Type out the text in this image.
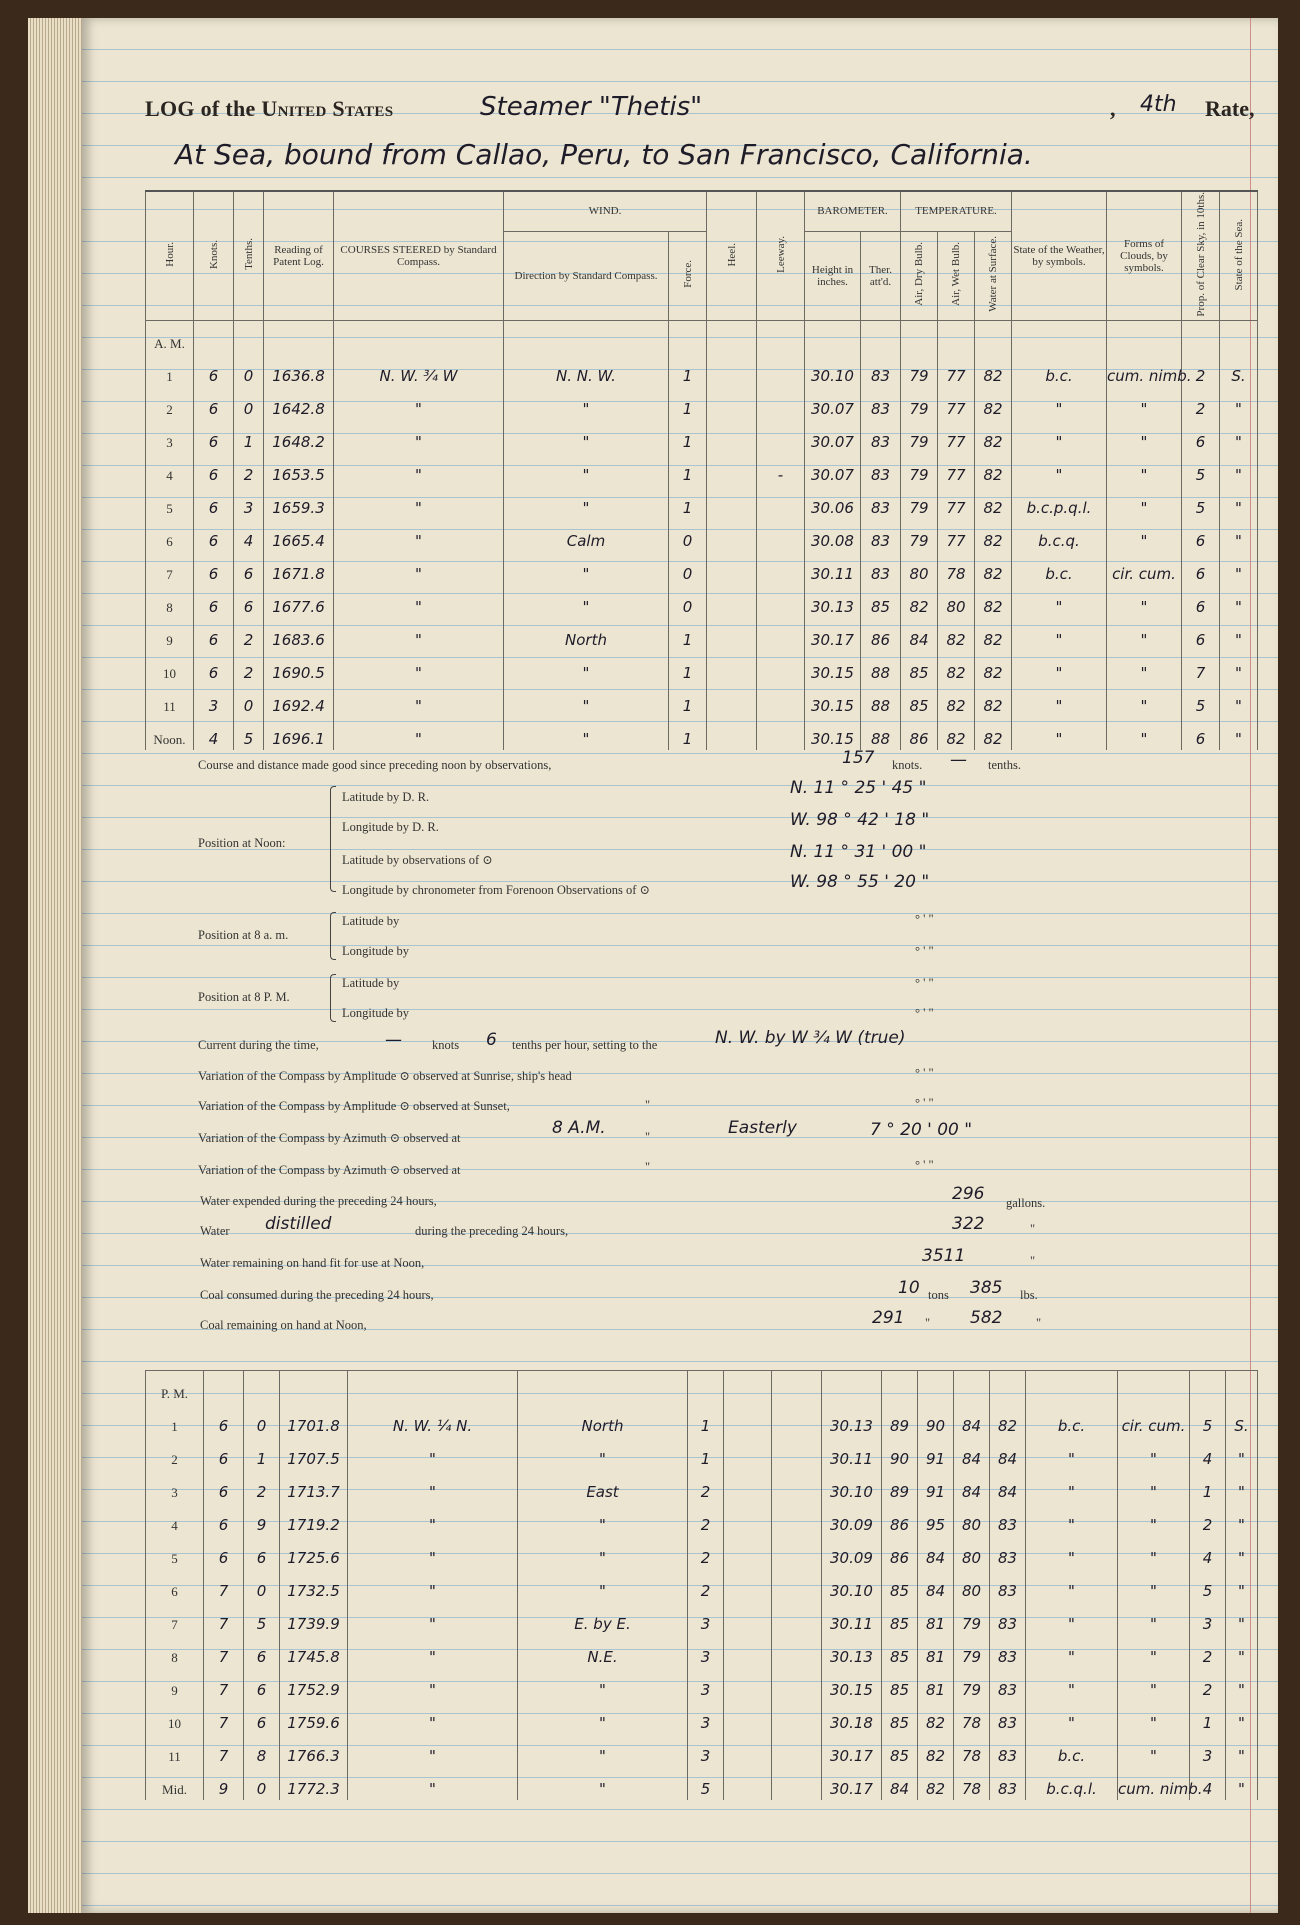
LOG of the United States	Steamer "Thetis"	, 4th Rate,
At Sea, bound from Callao, Peru, to San Francisco, California.
Hour.	Knots.	Tenths.	Reading of Patent Log.	COURSES STEERED by Standard Compass.	WIND.		Heel.	Leeway.	BAROMETER.		TEMPERATURE.			State of the Weather, by symbols.	Forms of Clouds, by symbols.	Prop. of Clear Sky, in 10ths.	State of the Sea.
					Direction by Standard Compass.	Force.			Height in inches.	Ther. att'd.	Air, Dry Bulb.	Air, Wet Bulb.	Water at Surface.				
A. M.																	
1	6	0	1636.8	N. W. ¾ W	N. N. W.	1			30.10	83	79	77	82	b.c.	cum. nimb.	2	S.
2	6	0	1642.8	"	"	1			30.07	83	79	77	82	"	"	2	"
3	6	1	1648.2	"	"	1			30.07	83	79	77	82	"	"	6	"
4	6	2	1653.5	"	"	1		-	30.07	83	79	77	82	"	"	5	"
5	6	3	1659.3	"	"	1			30.06	83	79	77	82	b.c.p.q.l.	"	5	"
6	6	4	1665.4	"	Calm	0			30.08	83	79	77	82	b.c.q.	"	6	"
7	6	6	1671.8	"	"	0			30.11	83	80	78	82	b.c.	cir. cum.	6	"
8	6	6	1677.6	"	"	0			30.13	85	82	80	82	"	"	6	"
9	6	2	1683.6	"	North	1			30.17	86	84	82	82	"	"	6	"
10	6	2	1690.5	"	"	1			30.15	88	85	82	82	"	"	7	"
11	3	0	1692.4	"	"	1			30.15	88	85	82	82	"	"	5	"
Noon.	4	5	1696.1	"	"	1			30.15	88	86	82	82	"	"	6	"
Course and distance made good since preceding noon by observations,	157 knots. — tenths.
Position at Noon:
Latitude by D. R.	N. 11 ° 25 ' 45 "
Longitude by D. R.	W. 98 ° 42 ' 18 "
Latitude by observations of ⊙	N. 11 ° 31 ' 00 "
Longitude by chronometer from Forenoon Observations of ⊙	W. 98 ° 55 ' 20 "
Position at 8 a. m.
Latitude by	° ' "
Longitude by	° ' "
Position at 8 P. M.
Latitude by	° ' "
Longitude by	° ' "
Current during the time,	— knots 6 tenths per hour, setting to the	N. W. by W ¾ W (true)
Variation of the Compass by Amplitude ⊙ observed at Sunrise, ship's head	° ' "
Variation of the Compass by Amplitude ⊙ observed at Sunset,	"	° ' "
Variation of the Compass by Azimuth ⊙ observed at	8 A.M.	"	Easterly	7 ° 20 ' 00 "
Variation of the Compass by Azimuth ⊙ observed at	"	° ' "
Water expended during the preceding 24 hours,	296 gallons.
Water distilled	during the preceding 24 hours,	322	"
Water remaining on hand fit for use at Noon,	3511	"
Coal consumed during the preceding 24 hours,	10 tons 385 lbs.
Coal remaining on hand at Noon,	291 " 582	"
P. M.																	
1	6	0	1701.8	N. W. ¼ N.	North	1			30.13	89	90	84	82	b.c.	cir. cum.	5	S.
2	6	1	1707.5	"	"	1			30.11	90	91	84	84	"	"	4	"
3	6	2	1713.7	"	East	2			30.10	89	91	84	84	"	"	1	"
4	6	9	1719.2	"	"	2			30.09	86	95	80	83	"	"	2	"
5	6	6	1725.6	"	"	2			30.09	86	84	80	83	"	"	4	"
6	7	0	1732.5	"	"	2			30.10	85	84	80	83	"	"	5	"
7	7	5	1739.9	"	E. by E.	3			30.11	85	81	79	83	"	"	3	"
8	7	6	1745.8	"	N.E.	3			30.13	85	81	79	83	"	"	2	"
9	7	6	1752.9	"	"	3			30.15	85	81	79	83	"	"	2	"
10	7	6	1759.6	"	"	3			30.18	85	82	78	83	"	"	1	"
11	7	8	1766.3	"	"	3			30.17	85	82	78	83	b.c.	"	3	"
Mid.	9	0	1772.3	"	"	5			30.17	84	82	78	83	b.c.q.l.	cum. nimb.	4	"
